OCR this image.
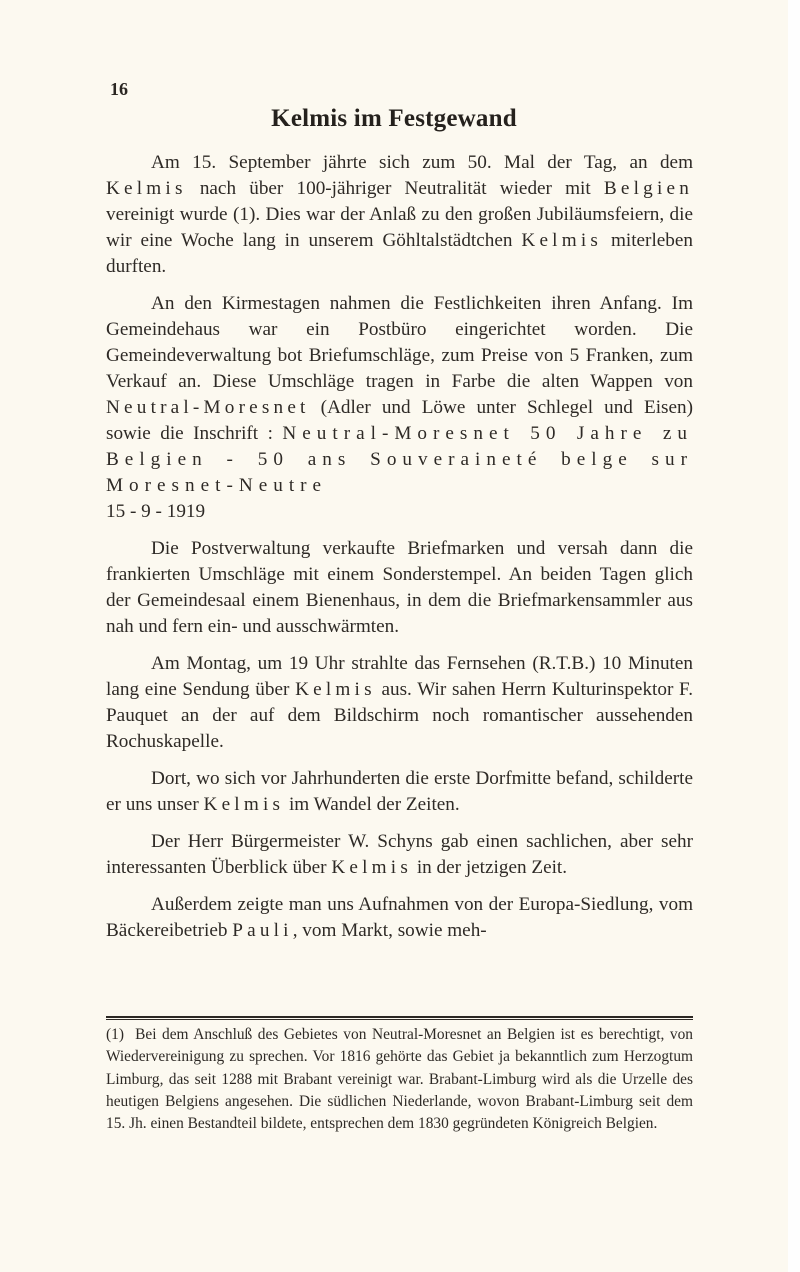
16
Kelmis im Festgewand

Am 15. September jährte sich zum 50. Mal der Tag, an dem Kelmis nach über 100-jähriger Neutralität wieder mit Belgien vereinigt wurde (1). Dies war der Anlaß zu den großen Jubiläumsfeiern, die wir eine Woche lang in unserem Göhltalstädtchen Kelmis miterleben durften.

An den Kirmestagen nahmen die Festlichkeiten ihren Anfang. Im Gemeindehaus war ein Postbüro eingerichtet worden. Die Gemeindeverwaltung bot Briefumschläge, zum Preise von 5 Franken, zum Verkauf an. Diese Umschläge tragen in Farbe die alten Wappen von Neutral-Moresnet (Adler und Löwe unter Schlegel und Eisen) sowie die Inschrift : Neutral-Moresnet 50 Jahre zu Belgien - 50 ans Souveraineté belge sur Moresnet-Neutre

15 - 9 - 1919

Die Postverwaltung verkaufte Briefmarken und versah dann die frankierten Umschläge mit einem Sonderstempel. An beiden Tagen glich der Gemeindesaal einem Bienenhaus, in dem die Briefmarkensammler aus nah und fern ein- und ausschwärmten.

Am Montag, um 19 Uhr strahlte das Fernsehen (R.T.B.) 10 Minuten lang eine Sendung über Kelmis aus. Wir sahen Herrn Kulturinspektor F. Pauquet an der auf dem Bildschirm noch romantischer aussehenden Rochuskapelle.

Dort, wo sich vor Jahrhunderten die erste Dorfmitte befand, schilderte er uns unser Kelmis im Wandel der Zeiten.

Der Herr Bürgermeister W. Schyns gab einen sachlichen, aber sehr interessanten Überblick über Kelmis in der jetzigen Zeit.

Außerdem zeigte man uns Aufnahmen von der Europa-Siedlung, vom Bäckereibetrieb Pauli, vom Markt, sowie meh-

(1) Bei dem Anschluß des Gebietes von Neutral-Moresnet an Belgien ist es berechtigt, von Wiedervereinigung zu sprechen. Vor 1816 gehörte das Gebiet ja bekanntlich zum Herzogtum Limburg, das seit 1288 mit Brabant vereinigt war. Brabant-Limburg wird als die Urzelle des heutigen Belgiens angesehen. Die südlichen Niederlande, wovon Brabant-Limburg seit dem 15. Jh. einen Bestandteil bildete, entsprechen dem 1830 gegründeten Königreich Belgien.
